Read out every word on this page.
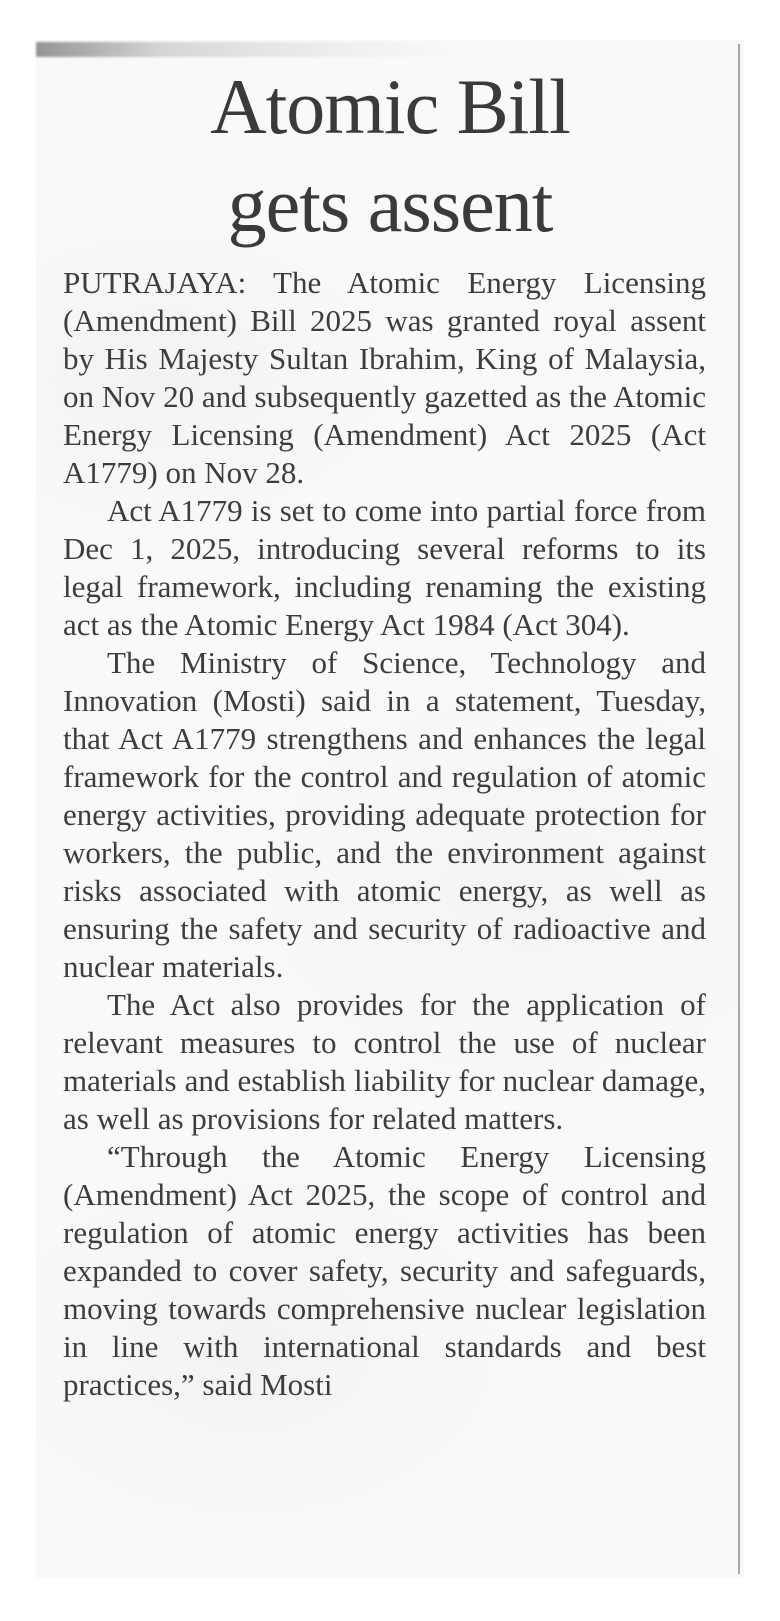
Atomic Bill
gets assent

PUTRAJAYA: The Atomic Energy Licensing (Amendment) Bill 2025 was granted royal assent by His Majesty Sultan Ibrahim, King of Malaysia, on Nov 20 and subsequently gazetted as the Atomic Energy Licensing (Amendment) Act 2025 (Act A1779) on Nov 28.

Act A1779 is set to come into partial force from Dec 1, 2025, introducing several reforms to its legal framework, including renaming the existing act as the Atomic Energy Act 1984 (Act 304).

The Ministry of Science, Technology and Innovation (Mosti) said in a statement, Tuesday, that Act A1779 strengthens and enhances the legal framework for the control and regulation of atomic energy activities, providing adequate protection for workers, the public, and the environment against risks associated with atomic energy, as well as ensuring the safety and security of radioactive and nuclear materials.

The Act also provides for the application of relevant measures to control the use of nuclear materials and establish liability for nuclear damage, as well as provisions for related matters.

“Through the Atomic Energy Licensing (Amendment) Act 2025, the scope of control and regulation of atomic energy activities has been expanded to cover safety, security and safeguards, moving towards comprehensive nuclear legislation in line with international standards and best practices,” said Mosti
